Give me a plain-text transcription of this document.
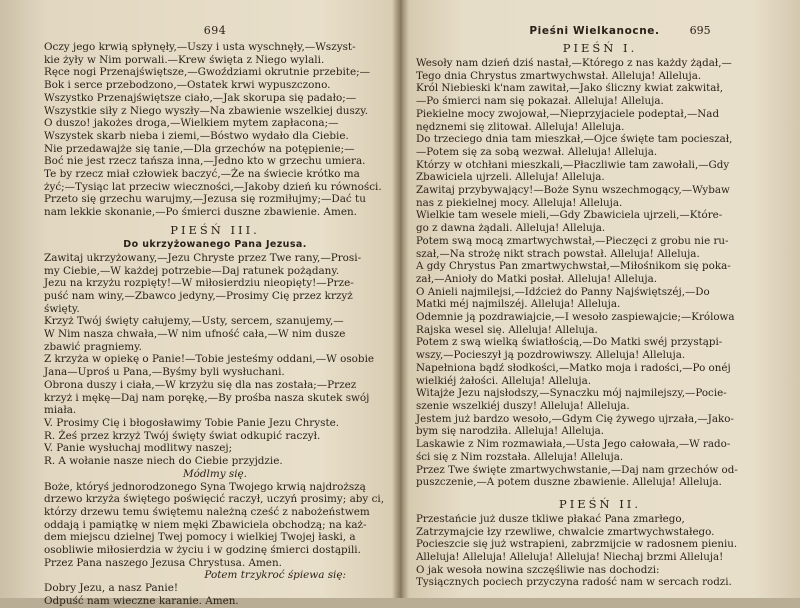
694
Oczy jego krwią spłynęły,—Uszy i usta wyschnęły,—Wszyst-
kie żyły w Nim porwali.—Krew święta z Niego wylali.
Ręce nogi Przenajświętsze,—Gwoździami okrutnie przebite;—
Bok i serce przebodzono,—Ostatek krwi wypuszczono.
Wszystko Przenajświętsze ciało,—Jak skorupa się padało;—
Wszystkie siły z Niego wyszły—Na zbawienie wszelkiej duszy.
O duszo! jakożes droga,—Wielkiem mytem zapłacona;—
Wszystek skarb nieba i ziemi,—Bóstwo wydało dla Ciebie.
Nie przedawajże się tanie,—Dla grzechów na potępienie;—
Boć nie jest rzecz tańsza inna,—Jedno kto w grzechu umiera.
Te by rzecz miał człowiek baczyć,—Że na świecie krótko ma
żyć;—Tysiąc lat przeciw wieczności,—Jakoby dzień ku równości.
Przeto się grzechu warujmy,—Jezusa się rozmiłujmy;—Dać tu
nam lekkie skonanie,—Po śmierci duszne zbawienie. Amen.
PIEŚŃ III.
Do ukrzyżowanego Pana Jezusa.
Zawitaj ukrzyżowany,—Jezu Chryste przez Twe rany,—Prosi-
my Ciebie,—W każdej potrzebie—Daj ratunek pożądany.
Jezu na krzyżu rozpięty!—W miłosierdziu nieopięty!—Prze-
puść nam winy,—Zbawco jedyny,—Prosimy Cię przez krzyż
święty.
Krzyż Twój święty całujemy,—Usty, sercem, szanujemy,—
W Nim nasza chwała,—W nim ufność cała,—W nim dusze
zbawić pragniemy.
Z krzyża w opiekę o Panie!—Tobie jesteśmy oddani,—W osobie
Jana—Uproś u Pana,—Byśmy byli wysłuchani.
Obrona duszy i ciała,—W krzyżu się dla nas została;—Przez
krzyż i mękę—Daj nam porękę,—By prośba nasza skutek swój
miała.
V. Prosimy Cię i błogosławimy Tobie Panie Jezu Chryste.
R. Żeś przez krzyż Twój święty świat odkupić raczył.
V. Panie wysłuchaj modlitwy naszej;
R. A wołanie nasze niech do Ciebie przyjdzie.
Módlmy się.
Boże, któryś jednorodzonego Syna Twojego krwią najdroższą
drzewo krzyża świętego poświęcić raczył, uczyń prosimy; aby ci,
którzy drzewu temu świętemu należną cześć z nabożeństwem
oddają i pamiątkę w niem męki Zbawiciela obchodzą; na każ-
dem miejscu dzielnej Twej pomocy i wielkiej Twojej łaski, a
osobliwie miłosierdzia w życiu i w godzinę śmierci dostąpili.
Przez Pana naszego Jezusa Chrystusa. Amen.
Potem trzykroć śpiewa się:
Dobry Jezu, a nasz Panie!
Odpuść nam wieczne karanie. Amen.
Pieśni Wielkanocne.	695
PIEŚŃ I.
Wesoły nam dzień dziś nastał,—Którego z nas każdy żądał,—
Tego dnia Chrystus zmartwychwstał. Alleluja! Alleluja.
Król Niebieski k'nam zawitał,—Jako śliczny kwiat zakwitał,
—Po śmierci nam się pokazał. Alleluja! Alleluja.
Piekielne mocy zwojował,—Nieprzyjaciele podeptał,—Nad
nędznemi się zlitował. Alleluja! Alleluja.
Do trzeciego dnia tam mieszkał,—Ojce święte tam pocieszał,
—Potem się za sobą wezwał. Alleluja! Alleluja.
Którzy w otchłani mieszkali,—Płaczliwie tam zawołali,—Gdy
Zbawiciela ujrzeli. Alleluja! Alleluja.
Zawitaj przybywający!—Boże Synu wszechmogący,—Wybaw
nas z piekielnej mocy. Alleluja! Alleluja.
Wielkie tam wesele mieli,—Gdy Zbawiciela ujrzeli,—Które-
go z dawna żądali. Alleluja! Alleluja.
Potem swą mocą zmartwychwstał,—Pieczęci z grobu nie ru-
szał,—Na strożę nikt strach powstał. Alleluja! Alleluja.
A gdy Chrystus Pan zmartwychwstał,—Miłośnikom się poka-
zał,—Anioły do Matki posłał. Alleluja! Alleluja.
O Anieli najmilejsi,—Idźcież do Panny Najświętszéj,—Do
Matki méj najmilszéj. Alleluja! Alleluja.
Odemnie ją pozdrawiajcie,—I wesoło zaspiewajcie;—Królowa
Rajska wesel się. Alleluja! Alleluja.
Potem z swą wielką światłością,—Do Matki swéj przystąpi-
wszy,—Pocieszył ją pozdrowiwszy. Alleluja! Alleluja.
Napełniona bądź słodkości,—Matko moja i radości,—Po onéj
wielkiéj żałości. Alleluja! Alleluja.
Witajże Jezu najsłodszy,—Synaczku mój najmilejszy,—Pocie-
szenie wszelkiéj duszy! Alleluja! Alleluja.
Jestem już bardzo wesoło,—Gdym Cię żywego ujrzała,—Jako-
bym się narodziła. Alleluja! Alleluja.
Laskawie z Nim rozmawiała,—Usta Jego całowała,—W rado-
ści się z Nim rozstała. Alleluja! Alleluja.
Przez Twe święte zmartwychwstanie,—Daj nam grzechów od-
puszczenie,—A potem duszne zbawienie. Alleluja! Alleluja.
PIEŚŃ II.
Przestańcie już dusze tkliwe płakać Pana zmarłego,
Zatrzymajcie łzy rzewliwe, chwalcie zmartwychwstałego.
Pocieszcie się już wstrapieni, zabrzmijcie w radosnem pieniu.
Alleluja! Alleluja! Alleluja! Alleluja! Niechaj brzmi Alleluja!
O jak wesoła nowina szczęśliwie nas dochodzi:
Tysiącznych pociech przyczyna radość nam w sercach rodzi.
